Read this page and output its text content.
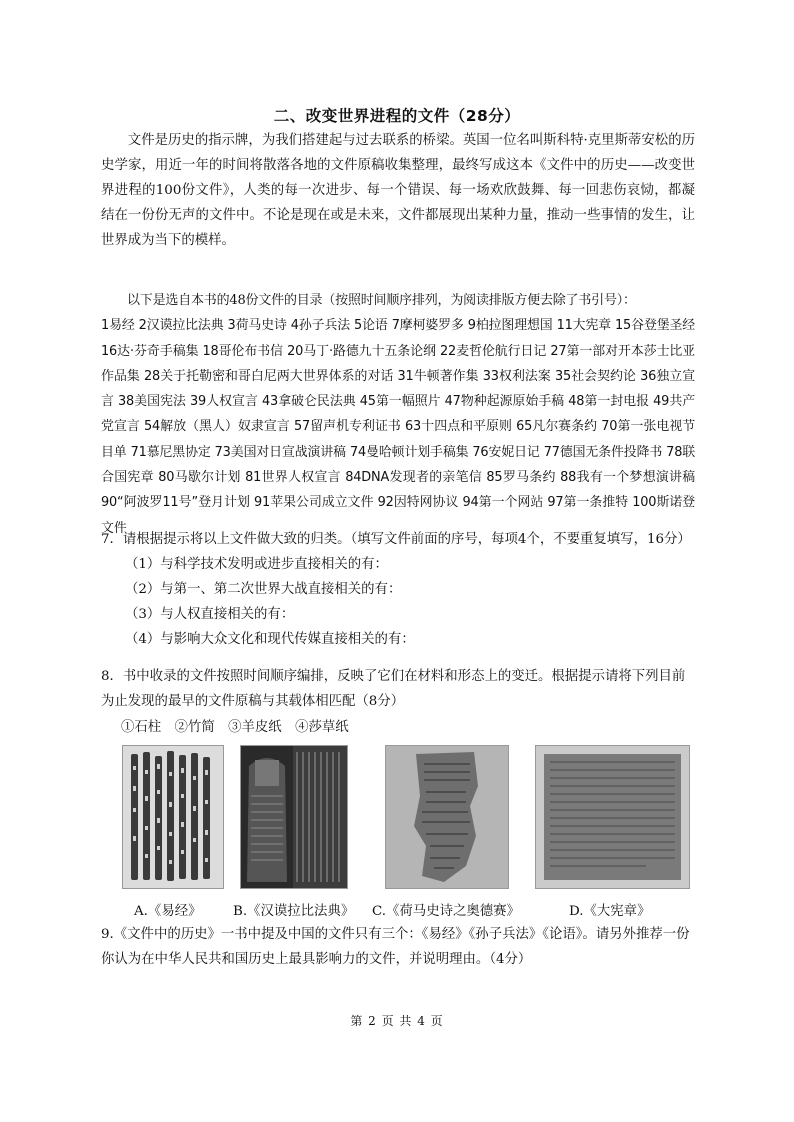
二、改变世界进程的文件（28分）

文件是历史的指示牌，为我们搭建起与过去联系的桥梁。英国一位名叫斯科特·克里斯蒂安松的历史学家，用近一年的时间将散落各地的文件原稿收集整理，最终写成这本《文件中的历史——改变世界进程的100份文件》，人类的每一次进步、每一个错误、每一场欢欣鼓舞、每一回悲伤哀恸，都凝结在一份份无声的文件中。不论是现在或是未来，文件都展现出某种力量，推动一些事情的发生，让世界成为当下的模样。

以下是选自本书的48份文件的目录（按照时间顺序排列，为阅读排版方便去除了书引号）：
1易经 2汉谟拉比法典 3荷马史诗 4孙子兵法 5论语 7摩柯婆罗多 9柏拉图理想国 11大宪章 15谷登堡圣经 16达·芬奇手稿集 18哥伦布书信 20马丁·路德九十五条论纲 22麦哲伦航行日记 27第一部对开本莎士比亚作品集 28关于托勒密和哥白尼两大世界体系的对话 31牛顿著作集 33权利法案 35社会契约论 36独立宣言 38美国宪法 39人权宣言 43拿破仑民法典 45第一幅照片 47物种起源原始手稿 48第一封电报 49共产党宣言 54解放（黑人）奴隶宣言 57留声机专利证书 63十四点和平原则 65凡尔赛条约 70第一张电视节目单 71慕尼黑协定 73美国对日宣战演讲稿 74曼哈顿计划手稿集 76安妮日记 77德国无条件投降书 78联合国宪章 80马歇尔计划 81世界人权宣言 84DNA发现者的亲笔信 85罗马条约 88我有一个梦想演讲稿 90“阿波罗11号”登月计划 91苹果公司成立文件 92因特网协议 94第一个网站 97第一条推特 100斯诺登文件
7．请根据提示将以上文件做大致的归类。（填写文件前面的序号，每项4个，不要重复填写，16分）
（1）与科学技术发明或进步直接相关的有：
（2）与第一、第二次世界大战直接相关的有：
（3）与人权直接相关的有：
（4）与影响大众文化和现代传媒直接相关的有：
8．书中收录的文件按照时间顺序编排，反映了它们在材料和形态上的变迁。根据提示请将下列目前为止发现的最早的文件原稿与其载体相匹配（8分）
①石柱　②竹简　③羊皮纸　④莎草纸
A.《易经》 B.《汉谟拉比法典》 C.《荷马史诗之奥德赛》	D.《大宪章》
9.《文件中的历史》一书中提及中国的文件只有三个：《易经》《孙子兵法》《论语》。请另外推荐一份你认为在中华人民共和国历史上最具影响力的文件，并说明理由。（4分）
第 2 页 共 4 页
